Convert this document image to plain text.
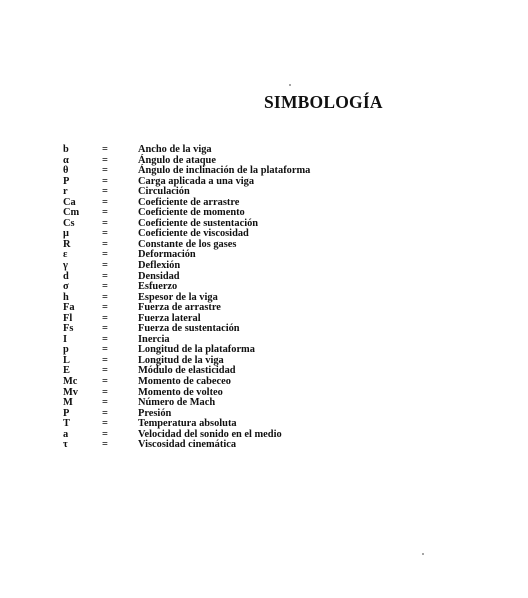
SIMBOLOGÍA
b	=	Ancho de la viga
α	=	Ángulo de ataque
θ	=	Ángulo de inclinación de la plataforma
P	=	Carga aplicada a una viga
r	=	Circulación
Ca	=	Coeficiente de arrastre
Cm	=	Coeficiente de momento
Cs	=	Coeficiente de sustentación
μ	=	Coeficiente de viscosidad
R	=	Constante de los gases
ε	=	Deformación
γ	=	Deflexión
d	=	Densidad
σ	=	Esfuerzo
h	=	Espesor de la viga
Fa	=	Fuerza de arrastre
Fl	=	Fuerza lateral
Fs	=	Fuerza de sustentación
I	=	Inercia
p	=	Longitud de la plataforma
L	=	Longitud de la viga
E	=	Módulo de elasticidad
Mc	=	Momento de cabeceo
Mv	=	Momento de volteo
M	=	Número de Mach
P	=	Presión
T	=	Temperatura absoluta
a	=	Velocidad del sonido en el medio
τ	=	Viscosidad cinemática
